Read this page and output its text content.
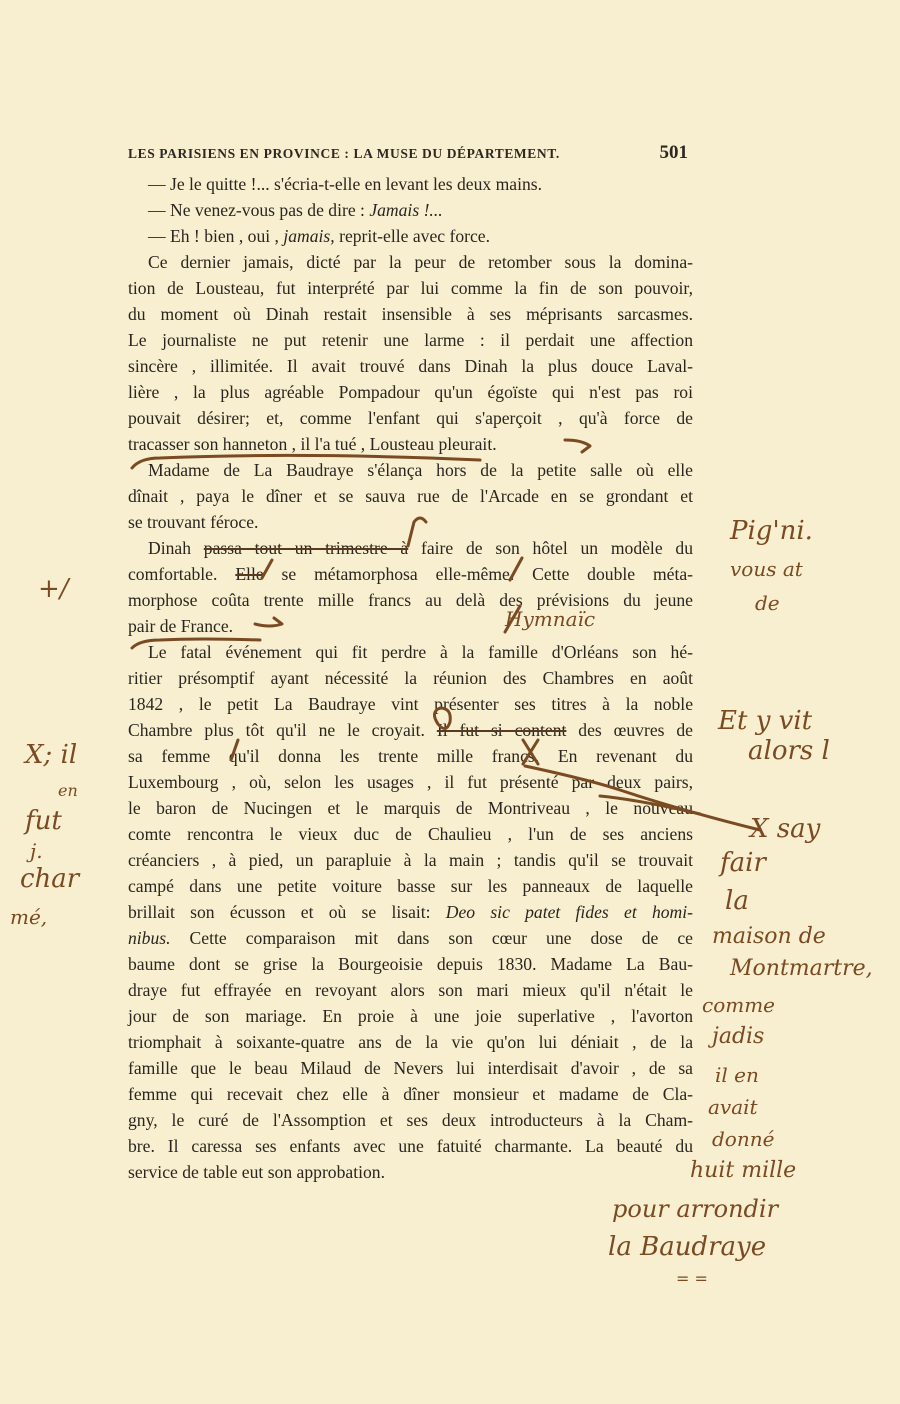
LES PARISIENS EN PROVINCE : LA MUSE DU DÉPARTEMENT.	501
— Je le quitte !... s'écria-t-elle en levant les deux mains.
— Ne venez-vous pas de dire : Jamais !...
— Eh ! bien , oui , jamais, reprit-elle avec force.
Ce dernier jamais, dicté par la peur de retomber sous la domina-
tion de Lousteau, fut interprété par lui comme la fin de son pouvoir,
du moment où Dinah restait insensible à ses méprisants sarcasmes.
Le journaliste ne put retenir une larme : il perdait une affection
sincère , illimitée. Il avait trouvé dans Dinah la plus douce Laval-
lière , la plus agréable Pompadour qu'un égoïste qui n'est pas roi
pouvait désirer; et, comme l'enfant qui s'aperçoit , qu'à force de
tracasser son hanneton , il l'a tué , Lousteau pleurait.
Madame de La Baudraye s'élança hors de la petite salle où elle
dînait , paya le dîner et se sauva rue de l'Arcade en se grondant et
se trouvant féroce.
Dinah passa tout un trimestre à faire de son hôtel un modèle du
comfortable. Elle se métamorphosa elle-même. Cette double méta-
morphose coûta trente mille francs au delà des prévisions du jeune
pair de France.
Le fatal événement qui fit perdre à la famille d'Orléans son hé-
ritier présomptif ayant nécessité la réunion des Chambres en août
1842 , le petit La Baudraye vint présenter ses titres à la noble
Chambre plus tôt qu'il ne le croyait. Il fut si content des œuvres de
sa femme qu'il donna les trente mille francs. En revenant du
Luxembourg , où, selon les usages , il fut présenté par deux pairs,
le baron de Nucingen et le marquis de Montriveau , le nouveau
comte rencontra le vieux duc de Chaulieu , l'un de ses anciens
créanciers , à pied, un parapluie à la main ; tandis qu'il se trouvait
campé dans une petite voiture basse sur les panneaux de laquelle
brillait son écusson et où se lisait: Deo sic patet fides et homi-
nibus. Cette comparaison mit dans son cœur une dose de ce
baume dont se grise la Bourgeoisie depuis 1830. Madame La Bau-
draye fut effrayée en revoyant alors son mari mieux qu'il n'était le
jour de son mariage. En proie à une joie superlative , l'avorton
triomphait à soixante-quatre ans de la vie qu'on lui déniait , de la
famille que le beau Milaud de Nevers lui interdisait d'avoir , de sa
femme qui recevait chez elle à dîner monsieur et madame de Cla-
gny, le curé de l'Assomption et ses deux introducteurs à la Cham-
bre. Il caressa ses enfants avec une fatuité charmante. La beauté du
service de table eut son approbation.
Pig'ni.
vous at
de
Hymnaïc
+/
Et y vit
alors l
X; il
en
fut
j.
char
mé,
X say
fair
la
maison de
Montmartre,
comme
jadis
il en
avait
donné
huit mille
pour arrondir
la Baudraye
= =
